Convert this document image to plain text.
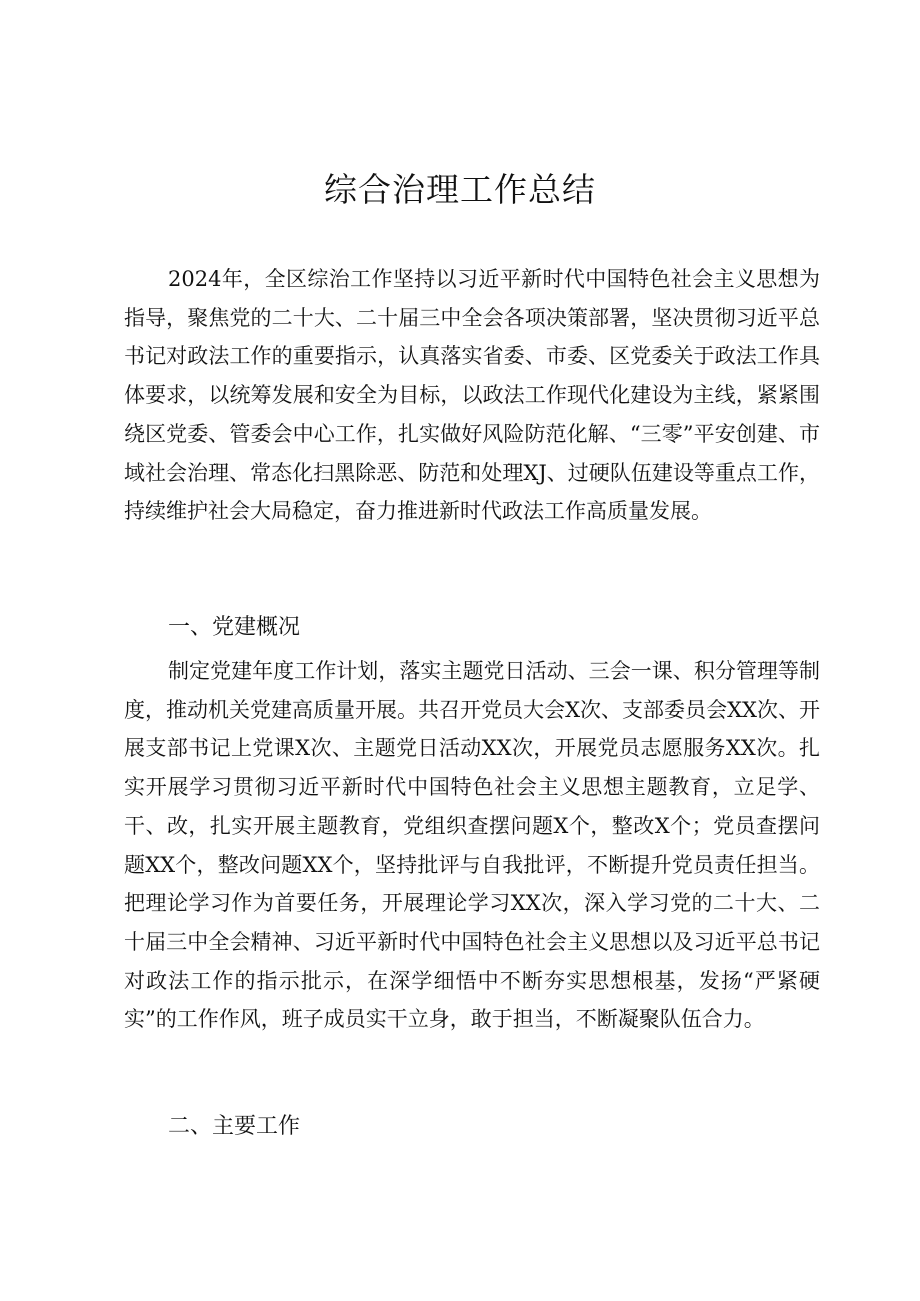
综合治理工作总结

2024年，全区综治工作坚持以习近平新时代中国特色社会主义思想为指导，聚焦党的二十大、二十届三中全会各项决策部署，坚决贯彻习近平总书记对政法工作的重要指示，认真落实省委、市委、区党委关于政法工作具体要求，以统筹发展和安全为目标，以政法工作现代化建设为主线，紧紧围绕区党委、管委会中心工作，扎实做好风险防范化解、“三零”平安创建、市域社会治理、常态化扫黑除恶、防范和处理XJ、过硬队伍建设等重点工作，持续维护社会大局稳定，奋力推进新时代政法工作高质量发展。

一、党建概况

制定党建年度工作计划，落实主题党日活动、三会一课、积分管理等制度，推动机关党建高质量开展。共召开党员大会X次、支部委员会XX次、开展支部书记上党课X次、主题党日活动XX次，开展党员志愿服务XX次。扎实开展学习贯彻习近平新时代中国特色社会主义思想主题教育，立足学、干、改，扎实开展主题教育，党组织查摆问题X个，整改X个；党员查摆问题XX个，整改问题XX个，坚持批评与自我批评，不断提升党员责任担当。把理论学习作为首要任务，开展理论学习XX次，深入学习党的二十大、二十届三中全会精神、习近平新时代中国特色社会主义思想以及习近平总书记对政法工作的指示批示，在深学细悟中不断夯实思想根基，发扬“严紧硬实”的工作作风，班子成员实干立身，敢于担当，不断凝聚队伍合力。

二、主要工作
